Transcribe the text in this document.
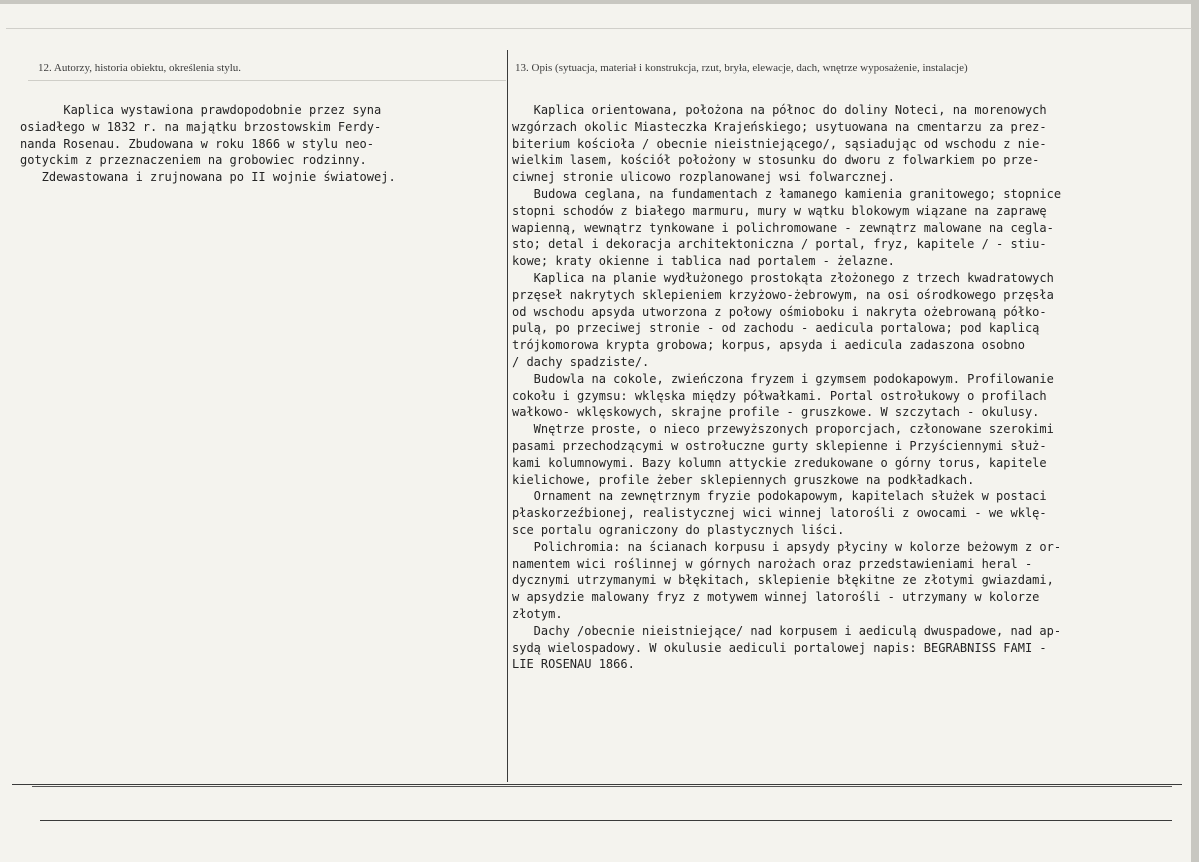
12. Autorzy, historia obiektu, określenia stylu.	13. Opis (sytuacja, materiał i konstrukcja, rzut, bryła, elewacje, dach, wnętrze wyposażenie, instalacje)
Kaplica wystawiona prawdopodobnie przez syna
osiadłego w 1832 r. na majątku brzostowskim Ferdy-
nanda Rosenau. Zbudowana w roku 1866 w stylu neo-
gotyckim z przeznaczeniem na grobowiec rodzinny.
Zdewastowana i zrujnowana po II wojnie światowej.
Kaplica orientowana, położona na północ do doliny Noteci, na morenowych
wzgórzach okolic Miasteczka Krajeńskiego; usytuowana na cmentarzu za prez-
biterium kościoła / obecnie nieistniejącego/, sąsiadując od wschodu z nie-
wielkim lasem, kościół położony w stosunku do dworu z folwarkiem po prze-
ciwnej stronie ulicowo rozplanowanej wsi folwarcznej.
Budowa ceglana, na fundamentach z łamanego kamienia granitowego; stopnice
stopni schodów z białego marmuru, mury w wątku blokowym wiązane na zaprawę
wapienną, wewnątrz tynkowane i polichromowane - zewnątrz malowane na cegla-
sto; detal i dekoracja architektoniczna / portal, fryz, kapitele / - stiu-
kowe; kraty okienne i tablica nad portalem - żelazne.
Kaplica na planie wydłużonego prostokąta złożonego z trzech kwadratowych
przęseł nakrytych sklepieniem krzyżowo-żebrowym, na osi ośrodkowego przęsła
od wschodu apsyda utworzona z połowy ośmioboku i nakryta ożebrowaną półko-
pulą, po przeciwej stronie - od zachodu - aedicula portalowa; pod kaplicą
trójkomorowa krypta grobowa; korpus, apsyda i aedicula zadaszona osobno
/ dachy spadziste/.
Budowla na cokole, zwieńczona fryzem i gzymsem podokapowym. Profilowanie
cokołu i gzymsu: wklęska między półwałkami. Portal ostrołukowy o profilach
wałkowo- wklęskowych, skrajne profile - gruszkowe. W szczytach - okulusy.
Wnętrze proste, o nieco przewyższonych proporcjach, członowane szerokimi
pasami przechodzącymi w ostrołuczne gurty sklepienne i Przyściennymi służ-
kami kolumnowymi. Bazy kolumn attyckie zredukowane o górny torus, kapitele
kielichowe, profile żeber sklepiennych gruszkowe na podkładkach.
Ornament na zewnętrznym fryzie podokapowym, kapitelach służek w postaci
płaskorzeźbionej, realistycznej wici winnej latorośli z owocami - we wklę-
sce portalu ograniczony do plastycznych liści.
Polichromia: na ścianach korpusu i apsydy płyciny w kolorze beżowym z or-
namentem wici roślinnej w górnych narożach oraz przedstawieniami heral -
dycznymi utrzymanymi w błękitach, sklepienie błękitne ze złotymi gwiazdami,
w apsydzie malowany fryz z motywem winnej latorośli - utrzymany w kolorze
złotym.
Dachy /obecnie nieistniejące/ nad korpusem i aediculą dwuspadowe, nad ap-
sydą wielospadowy. W okulusie aediculi portalowej napis: BEGRABNISS FAMI -
LIE ROSENAU 1866.
